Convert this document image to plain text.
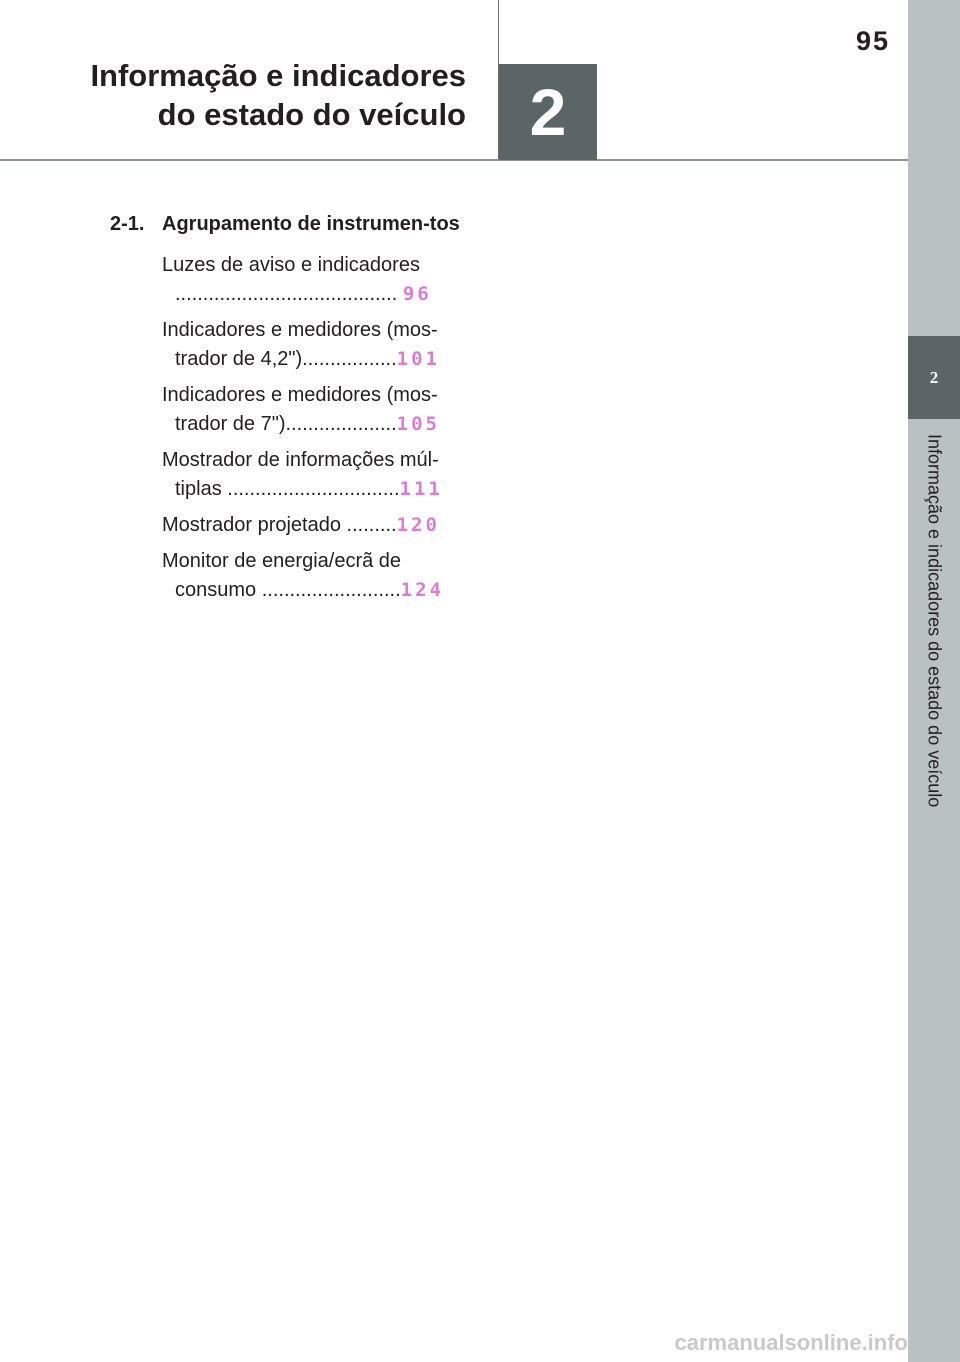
95
Informação e indicadores
do estado do veículo 2
2
Informação e indicadores do estado do veículo
2-1. Agrupamento de instrumen-tos
Luzes de aviso e indicadores
........................................ 96
Indicadores e medidores (mos-trador de 4,2").................101
Indicadores e medidores (mos-trador de 7")....................105
Mostrador de informações múl-tiplas ...............................111
Mostrador projetado .........120
Monitor de energia/ecrã de consumo .........................124
carmanualsonline.info
